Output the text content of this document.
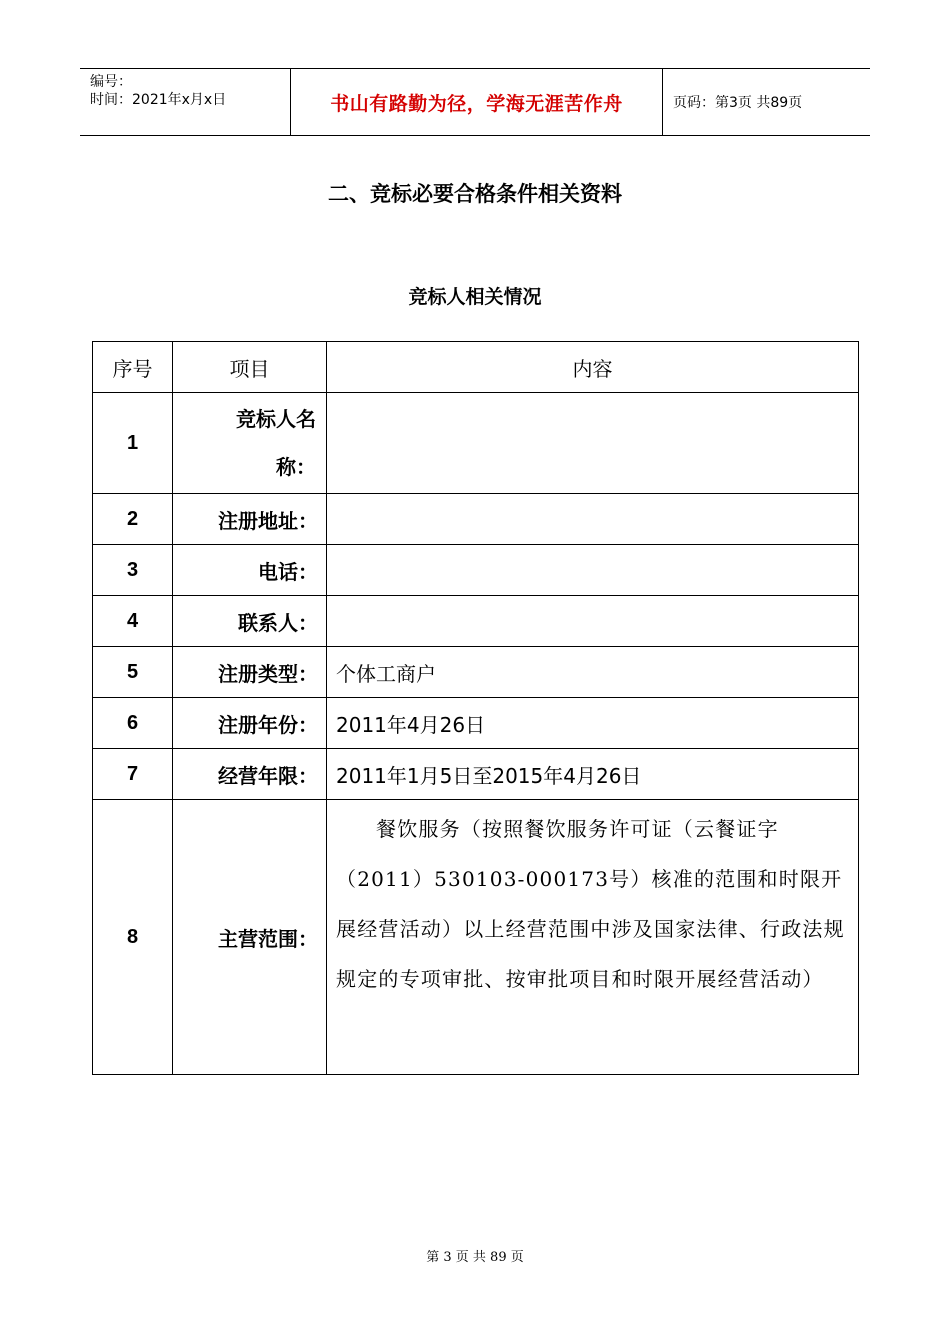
编号：
时间：2021年x月x日	书山有路勤为径，学海无涯苦作舟	页码：第3页 共89页
二、竞标必要合格条件相关资料
竞标人相关情况
序号	项目	内容
1	竞标人名
称：	

2	注册地址：	
3	电话：	
4	联系人：	
5	注册类型：	个体工商户
6	注册年份：	2011年4月26日
7	经营年限：	2011年1月5日至2015年4月26日
8	主营范围：	餐饮服务（按照餐饮服务许可证（云餐证字（2011）530103-000173号）核准的范围和时限开展经营活动）以上经营范围中涉及国家法律、行政法规规定的专项审批、按审批项目和时限开展经营活动）
第 3 页 共 89 页
